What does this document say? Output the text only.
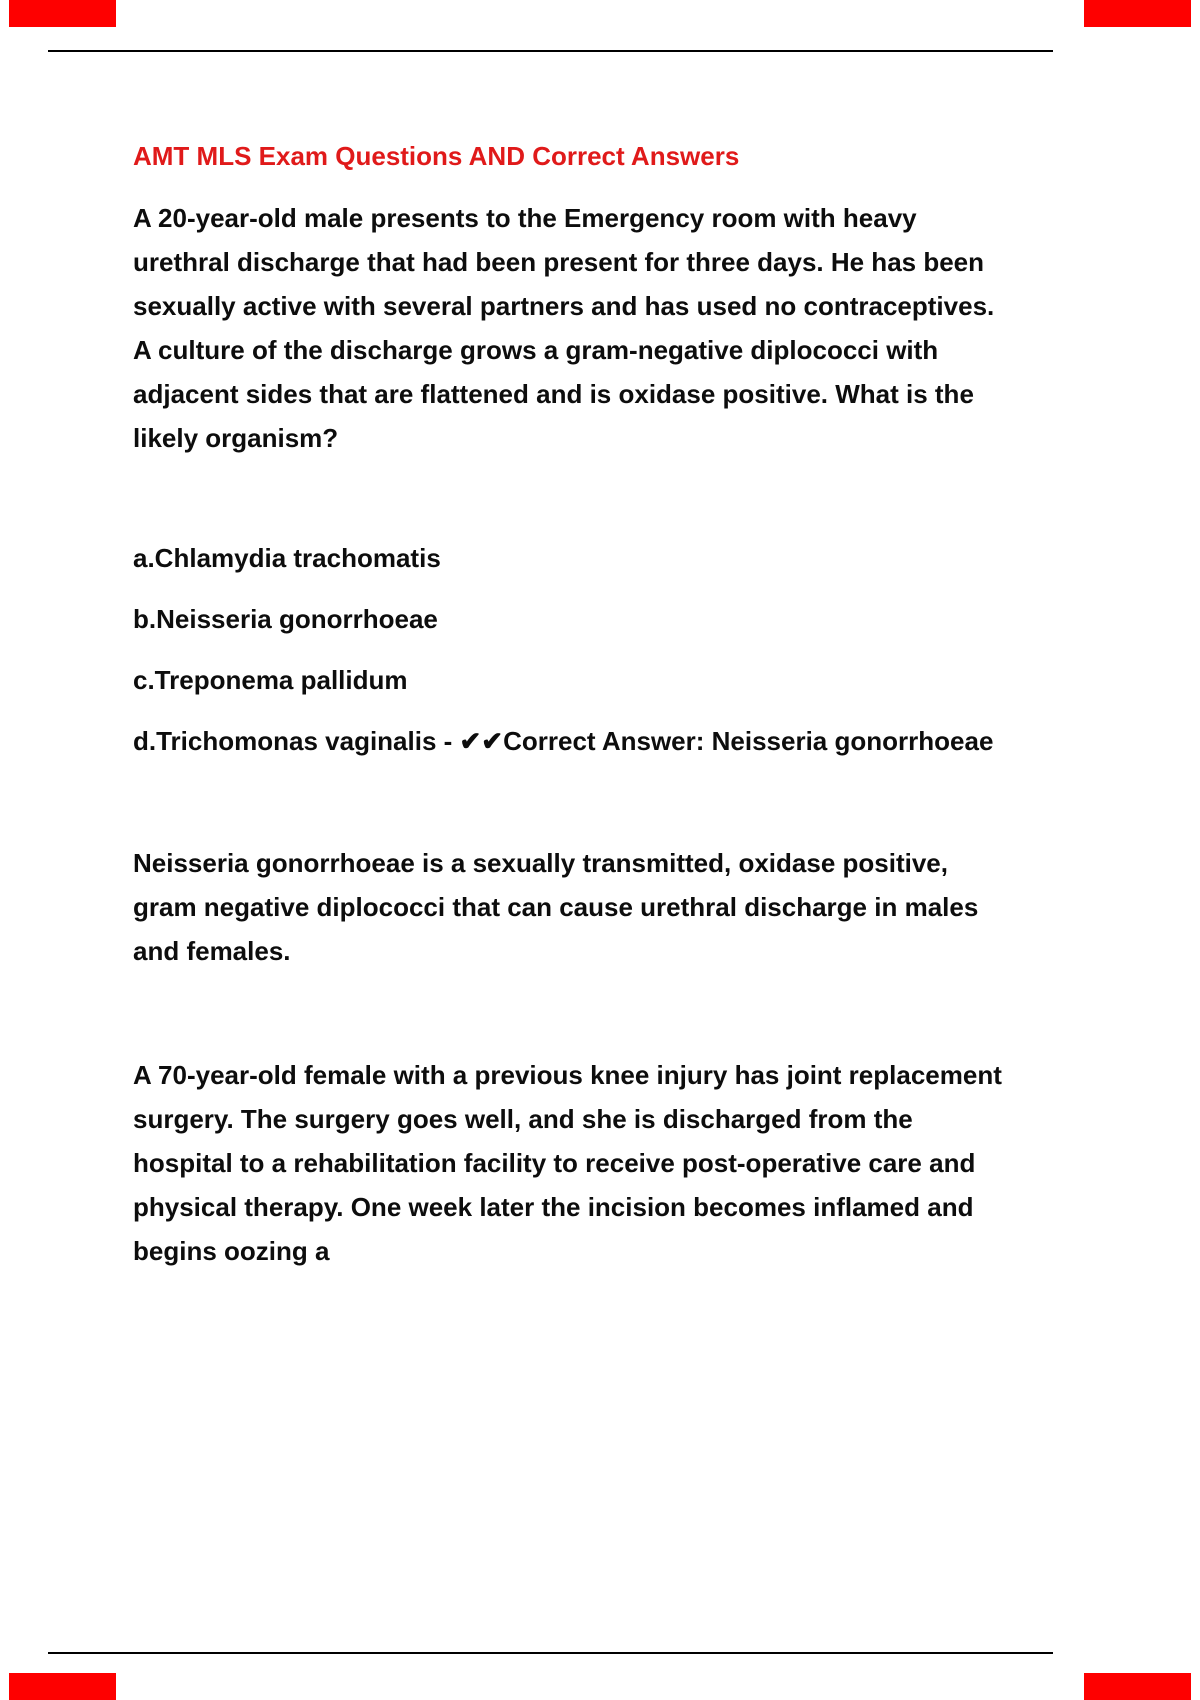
AMT MLS Exam Questions AND Correct Answers

A 20-year-old male presents to the Emergency room with heavy urethral discharge that had been present for three days. He has been sexually active with several partners and has used no contraceptives. A culture of the discharge grows a gram-negative diplococci with adjacent sides that are flattened and is oxidase positive. What is the likely organism?

a.Chlamydia trachomatis

b.Neisseria gonorrhoeae

c.Treponema pallidum

d.Trichomonas vaginalis - ✔✔Correct Answer: Neisseria gonorrhoeae

Neisseria gonorrhoeae is a sexually transmitted, oxidase positive, gram negative diplococci that can cause urethral discharge in males and females.

A 70-year-old female with a previous knee injury has joint replacement surgery. The surgery goes well, and she is discharged from the hospital to a rehabilitation facility to receive post-operative care and physical therapy. One week later the incision becomes inflamed and begins oozing a
